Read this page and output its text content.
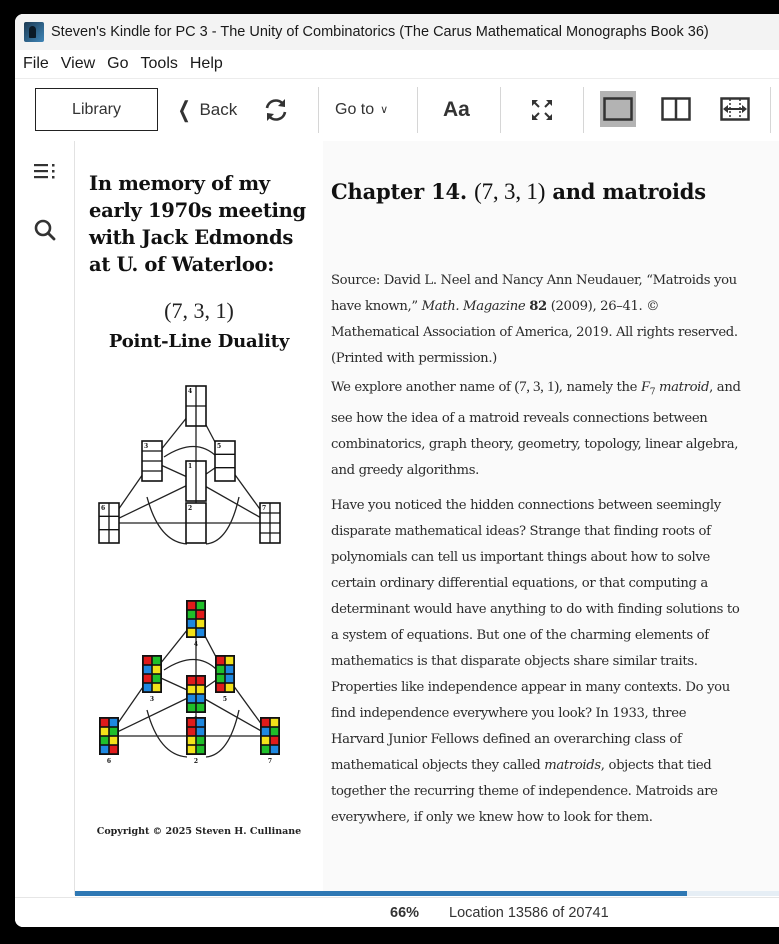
Steven's Kindle for PC 3 - The Unity of Combinatorics (The Carus Mathematical Monographs Book 36)
File View Go Tools Help
Library	❮ Back	Go to ∨	Aa
In memory of my early 1970s meeting with Jack Edmonds at U. of Waterloo:
(7, 3, 1)
Point-Line Duality
1
2
3
4
5
6	7
2
3
4
5
6	7
Copyright © 2025 Steven H. Cullinane
Chapter 14. (7, 3, 1) and matroids
Source: David L. Neel and Nancy Ann Neudauer, “Matroids you have known,” Math. Magazine 82 (2009), 26–41. © Mathematical Association of America, 2019. All rights reserved. (Printed with permission.)
We explore another name of (7, 3, 1), namely the $F_7$ matroid, and see how the idea of a matroid reveals connections between combinatorics, graph theory, geometry, topology, linear algebra, and greedy algorithms.
Have you noticed the hidden connections between seemingly disparate mathematical ideas? Strange that finding roots of polynomials can tell us important things about how to solve certain ordinary differential equations, or that computing a determinant would have anything to do with finding solutions to a system of equations. But one of the charming elements of mathematics is that disparate objects share similar traits. Properties like independence appear in many contexts. Do you find independence everywhere you look? In 1933, three Harvard Junior Fellows defined an overarching class of mathematical objects they called matroids, objects that tied together the recurring theme of independence. Matroids are everywhere, if only we knew how to look for them.
66% Location 13586 of 20741
